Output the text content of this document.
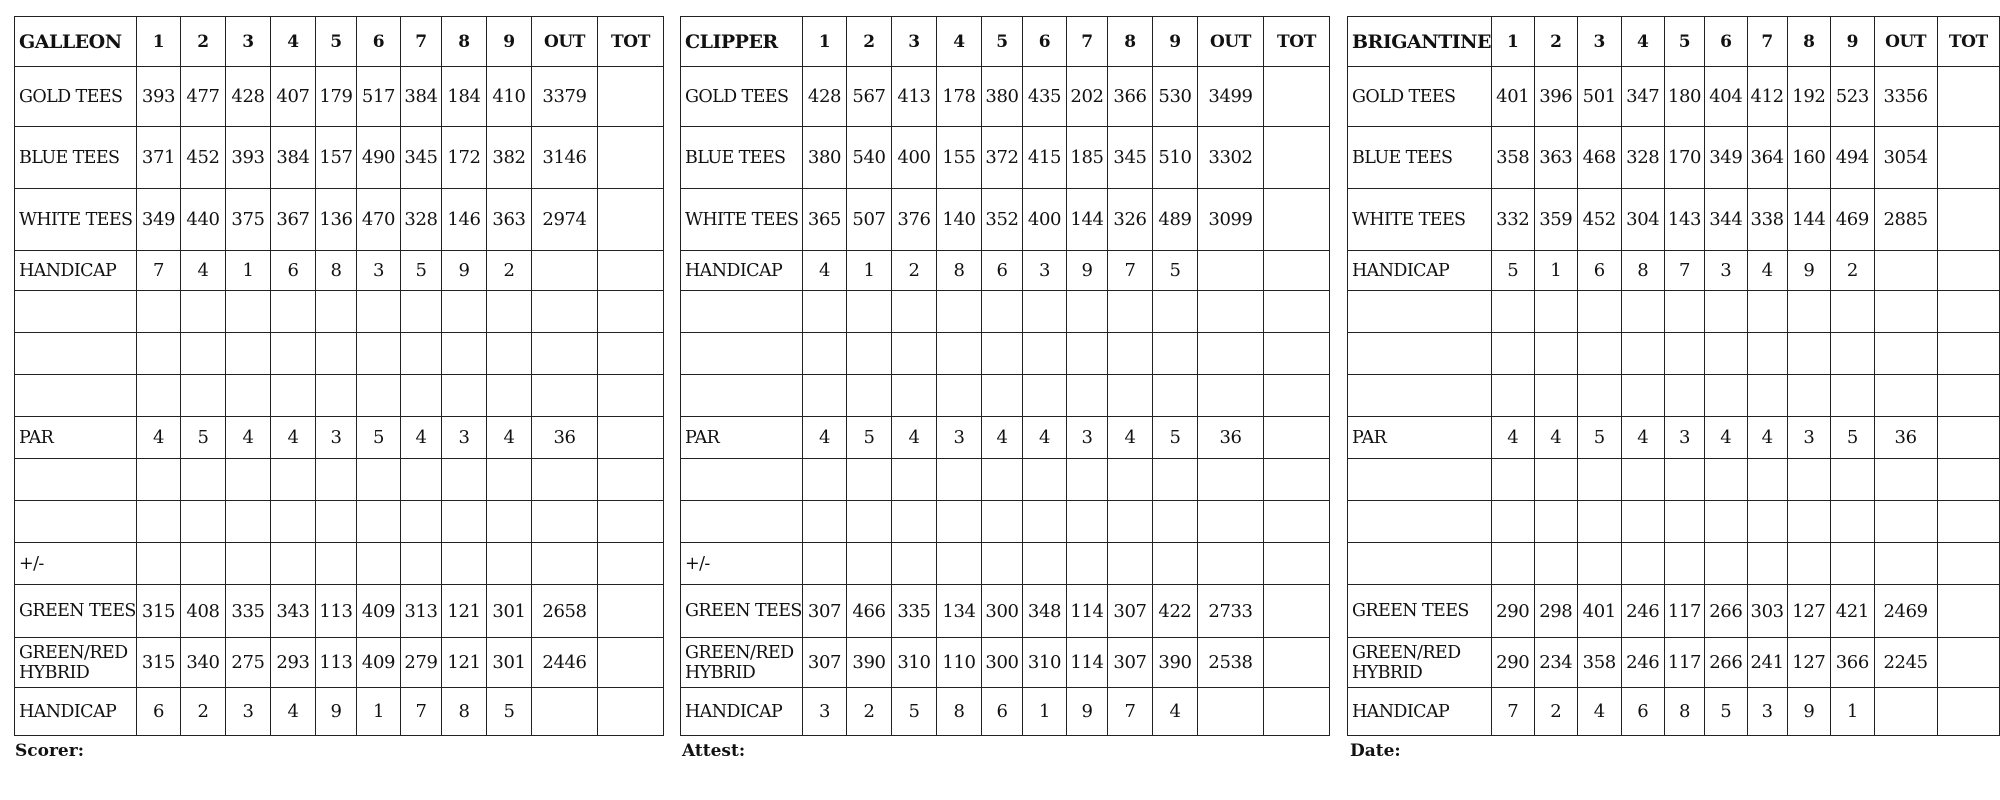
GALLEON	1	2	3	4	5	6	7	8	9	OUT	TOT
GOLD TEES	393	477	428	407	179	517	384	184	410	3379	
BLUE TEES	371	452	393	384	157	490	345	172	382	3146	
WHITE TEES	349	440	375	367	136	470	328	146	363	2974	
HANDICAP	7	4	1	6	8	3	5	9	2		

PAR	4	5	4	4	3	5	4	3	4	36	

+/-											
GREEN TEES	315	408	335	343	113	409	313	121	301	2658	
GREEN/RED HYBRID	315	340	275	293	113	409	279	121	301	2446	
HANDICAP	6	2	3	4	9	1	7	8	5		
CLIPPER	1	2	3	4	5	6	7	8	9	OUT	TOT
GOLD TEES	428	567	413	178	380	435	202	366	530	3499	
BLUE TEES	380	540	400	155	372	415	185	345	510	3302	
WHITE TEES	365	507	376	140	352	400	144	326	489	3099	
HANDICAP	4	1	2	8	6	3	9	7	5		

PAR	4	5	4	3	4	4	3	4	5	36	

+/-											
GREEN TEES	307	466	335	134	300	348	114	307	422	2733	
GREEN/RED HYBRID	307	390	310	110	300	310	114	307	390	2538	
HANDICAP	3	2	5	8	6	1	9	7	4		
BRIGANTINE	1	2	3	4	5	6	7	8	9	OUT	TOT
GOLD TEES	401	396	501	347	180	404	412	192	523	3356	
BLUE TEES	358	363	468	328	170	349	364	160	494	3054	
WHITE TEES	332	359	452	304	143	344	338	144	469	2885	
HANDICAP	5	1	6	8	7	3	4	9	2		

PAR	4	4	5	4	3	4	4	3	5	36	

GREEN TEES	290	298	401	246	117	266	303	127	421	2469	
GREEN/RED HYBRID	290	234	358	246	117	266	241	127	366	2245	
HANDICAP	7	2	4	6	8	5	3	9	1		
Scorer:	Attest:	Date:
